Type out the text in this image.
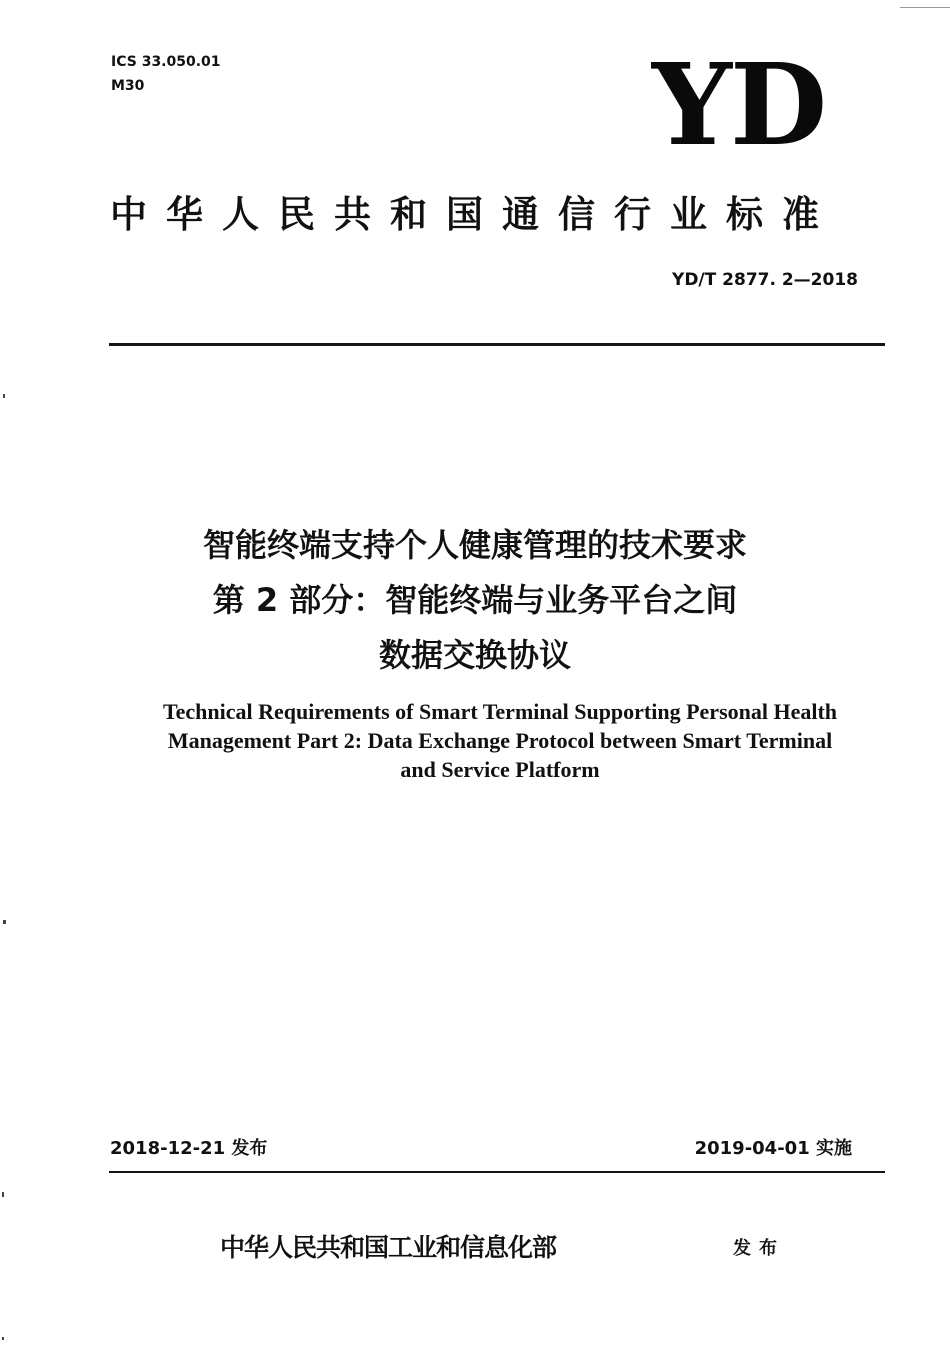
ICS 33.050.01
M30	YD
中华人民共和国通信行业标准
YD/T 2877. 2—2018
智能终端支持个人健康管理的技术要求
第 2 部分：智能终端与业务平台之间
数据交换协议
Technical Requirements of Smart Terminal Supporting Personal Health
Management Part 2: Data Exchange Protocol between Smart Terminal
and Service Platform
2018-12-21 发布	2019-04-01 实施
中华人民共和国工业和信息化部	发布
